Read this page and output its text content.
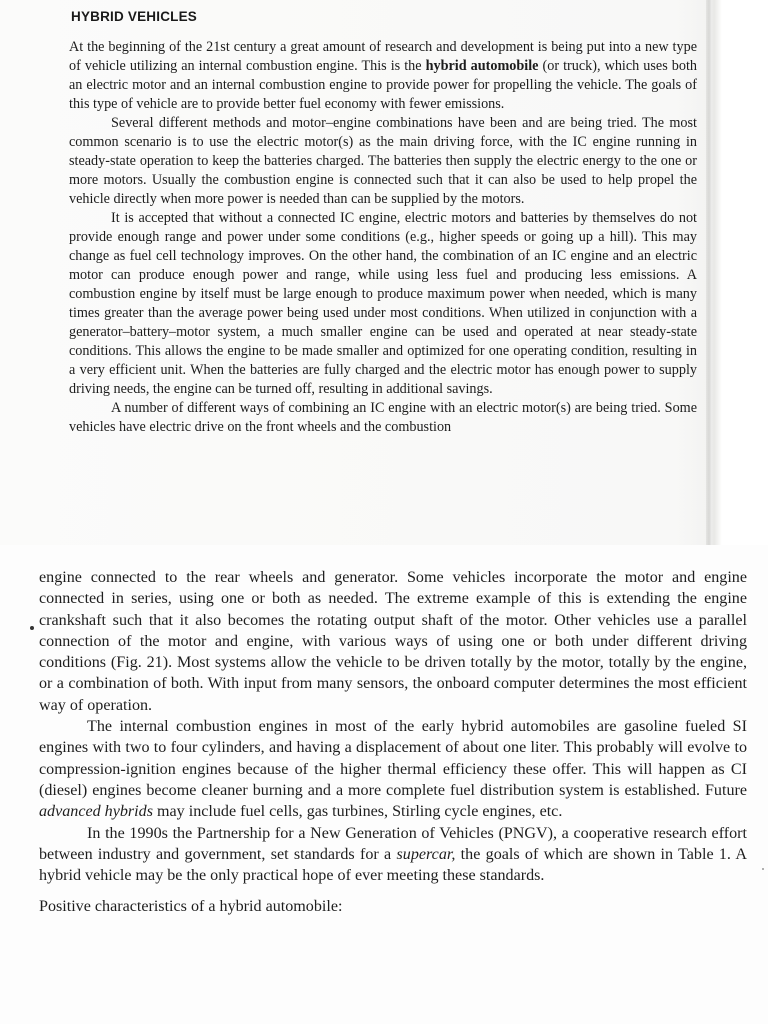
HYBRID VEHICLES

At the beginning of the 21st century a great amount of research and development is being put into a new type of vehicle utilizing an internal combustion engine. This is the hybrid automobile (or truck), which uses both an electric motor and an internal combustion engine to provide power for propelling the vehicle. The goals of this type of vehicle are to provide better fuel economy with fewer emissions.

Several different methods and motor–engine combinations have been and are being tried. The most common scenario is to use the electric motor(s) as the main driving force, with the IC engine running in steady-state operation to keep the batteries charged. The batteries then supply the electric energy to the one or more motors. Usually the combustion engine is connected such that it can also be used to help propel the vehicle directly when more power is needed than can be supplied by the motors.

It is accepted that without a connected IC engine, electric motors and batteries by themselves do not provide enough range and power under some conditions (e.g., higher speeds or going up a hill). This may change as fuel cell technology improves. On the other hand, the combination of an IC engine and an electric motor can produce enough power and range, while using less fuel and producing less emissions. A combustion engine by itself must be large enough to produce maximum power when needed, which is many times greater than the average power being used under most conditions. When utilized in conjunction with a generator–battery–motor system, a much smaller engine can be used and operated at near steady-state conditions. This allows the engine to be made smaller and optimized for one operating condition, resulting in a very efficient unit. When the batteries are fully charged and the electric motor has enough power to supply driving needs, the engine can be turned off, resulting in additional savings.

A number of different ways of combining an IC engine with an electric motor(s) are being tried. Some vehicles have electric drive on the front wheels and the combustion

engine connected to the rear wheels and generator. Some vehicles incorporate the motor and engine connected in series, using one or both as needed. The extreme example of this is extending the engine crankshaft such that it also becomes the rotating output shaft of the motor. Other vehicles use a parallel connection of the motor and engine, with various ways of using one or both under different driving conditions (Fig. 21). Most systems allow the vehicle to be driven totally by the motor, totally by the engine, or a combination of both. With input from many sensors, the onboard computer determines the most efficient way of operation.

The internal combustion engines in most of the early hybrid automobiles are gasoline fueled SI engines with two to four cylinders, and having a displacement of about one liter. This probably will evolve to compression-ignition engines because of the higher thermal efficiency these offer. This will happen as CI (diesel) engines become cleaner burning and a more complete fuel distribution system is established. Future advanced hybrids may include fuel cells, gas turbines, Stirling cycle engines, etc.

In the 1990s the Partnership for a New Generation of Vehicles (PNGV), a cooperative research effort between industry and government, set standards for a supercar, the goals of which are shown in Table 1. A hybrid vehicle may be the only practical hope of ever meeting these standards.

Positive characteristics of a hybrid automobile:
